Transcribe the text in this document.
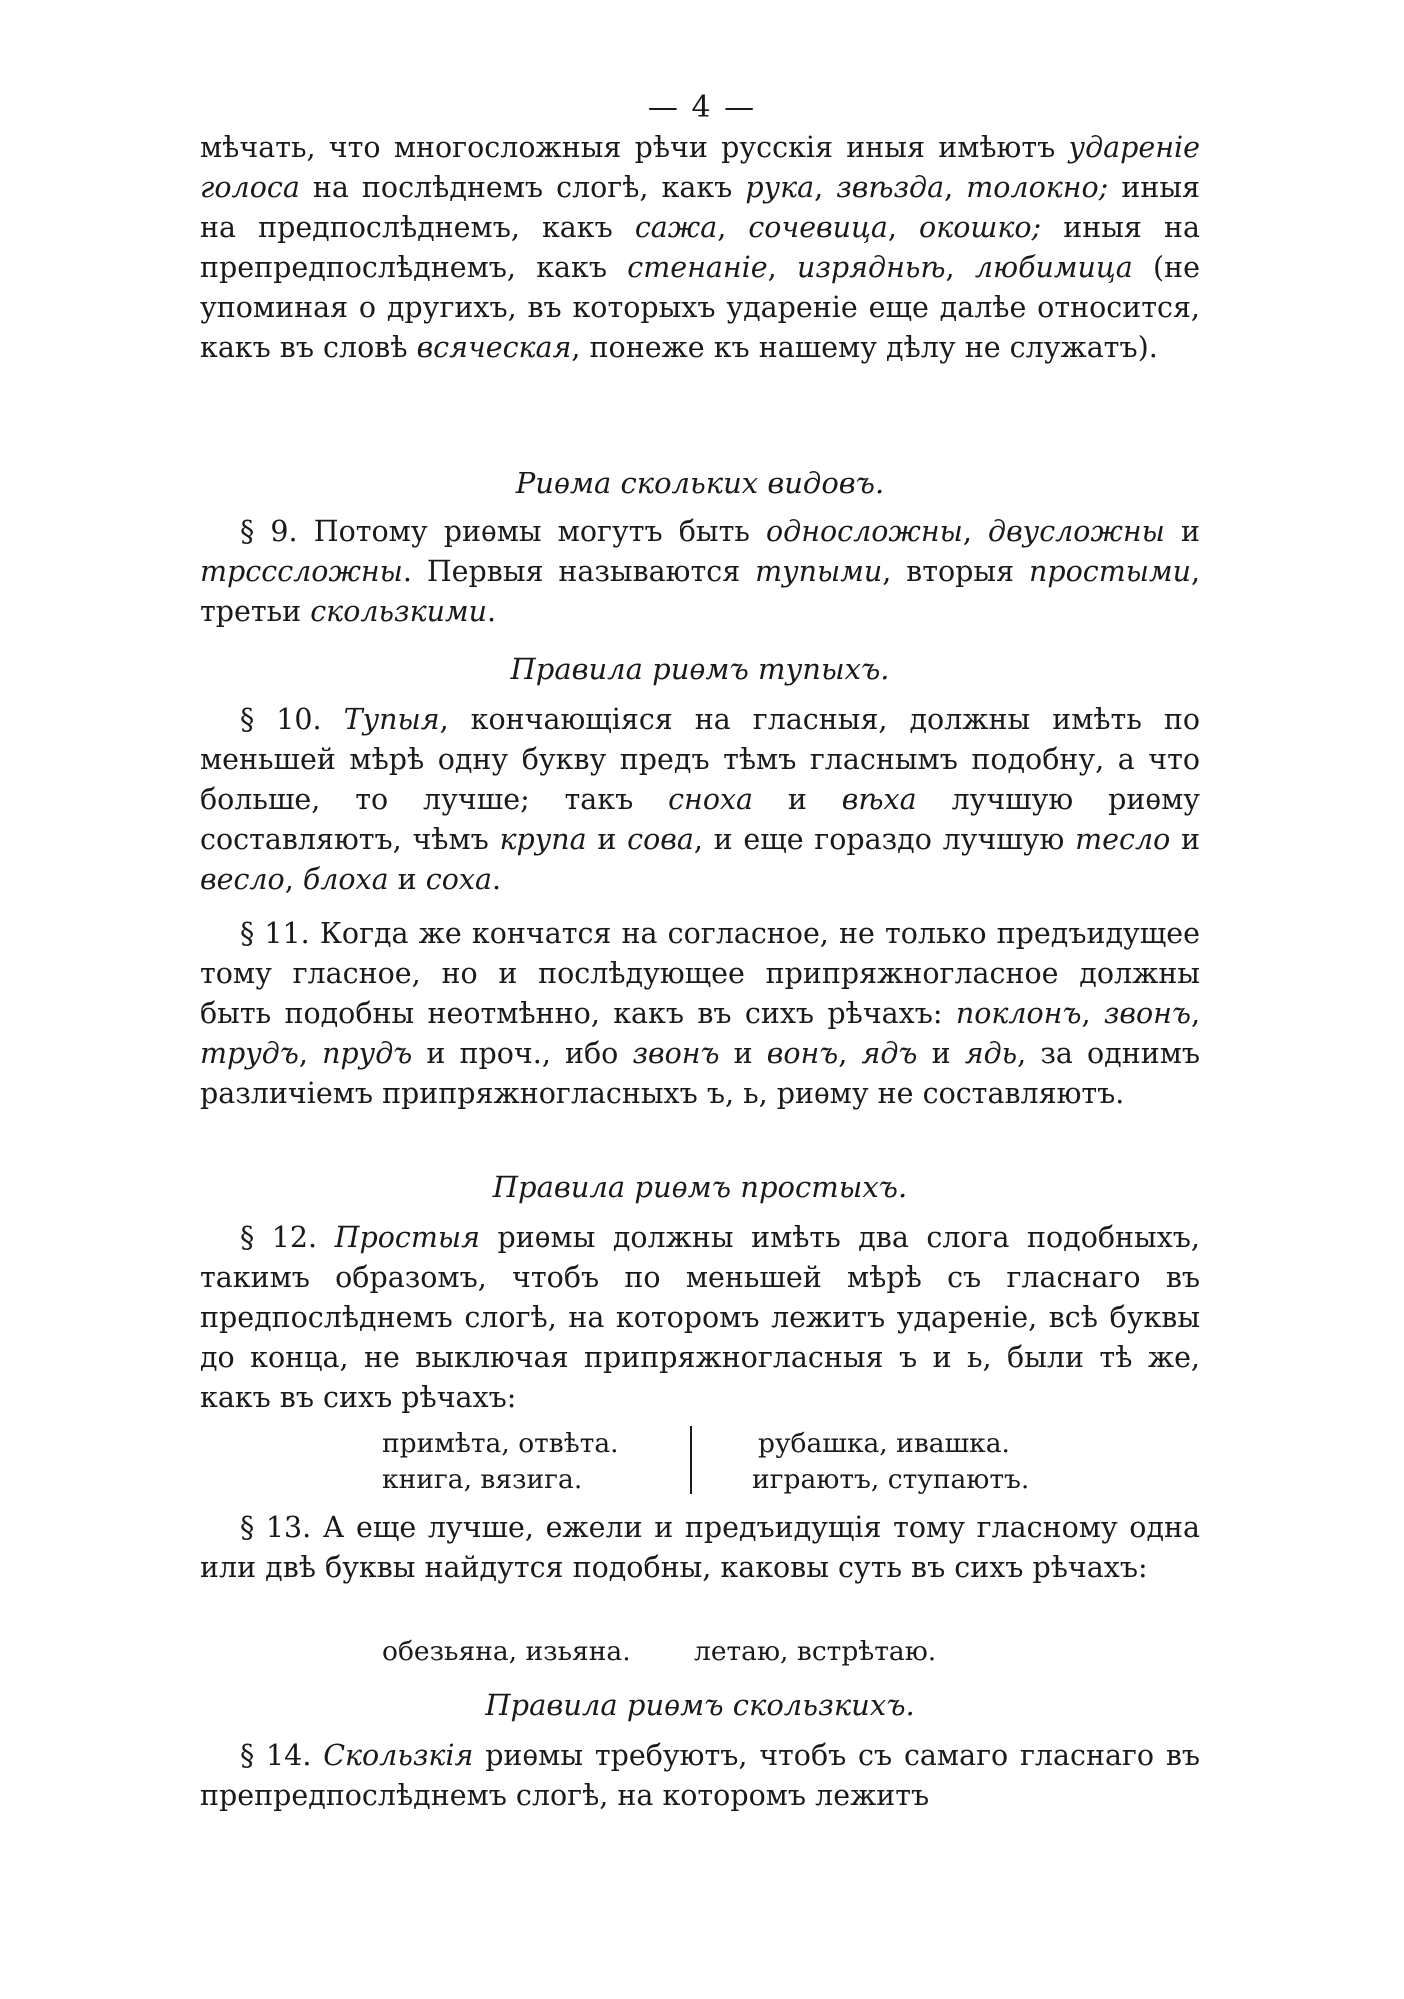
— 4 —

мѣчать, что многосложныя рѣчи русскія иныя имѣютъ удареніе голоса на послѣднемъ слогѣ, какъ рука, звѣзда, толокно; иныя на предпослѣднемъ, какъ сажа, сочевица, окошко; иныя на препредпослѣднемъ, какъ стенаніе, изрядньѣ, любимица (не упоминая о другихъ, въ которыхъ удареніе еще далѣе относится, какъ въ словѣ всяческая, понеже къ нашему дѣлу не служатъ).

Риѳма скольких видовъ.

§ 9. Потому риѳмы могутъ быть односложны, двусложны и трсссложны. Первыя называются тупыми, вторыя простыми, третьи скользкими.

Правила риѳмъ тупыхъ.

§ 10. Тупыя, кончающіяся на гласныя, должны имѣть по меньшей мѣрѣ одну букву предъ тѣмъ гласнымъ подобну, а что больше, то лучше; такъ сноха и вѣха лучшую риѳму составляютъ, чѣмъ крупа и сова, и еще гораздо лучшую тесло и весло, блоха и соха.

§ 11. Когда же кончатся на согласное, не только предъидущее тому гласное, но и послѣдующее припряжногласное должны быть подобны неотмѣнно, какъ въ сихъ рѣчахъ: поклонъ, звонъ, трудъ, прудъ и проч., ибо звонъ и вонъ, ядъ и ядь, за однимъ различіемъ припряжногласныхъ ъ, ь, риѳму не составляютъ.

Правила риѳмъ простыхъ.

§ 12. Простыя риѳмы должны имѣть два слога подобныхъ, такимъ образомъ, чтобъ по меньшей мѣрѣ съ гласнаго въ предпослѣднемъ слогѣ, на которомъ лежитъ удареніе, всѣ буквы до конца, не выключая припряжногласныя ъ и ь, были тѣ же, какъ въ сихъ рѣчахъ:

примѣта, отвѣта.
книга, вязига.
рубашка, ивашка.
играютъ, ступаютъ.

§ 13. А еще лучше, ежели и предъидущія тому гласному одна или двѣ буквы найдутся подобны, каковы суть въ сихъ рѣчахъ:

обезьяна, изьяна. летаю, встрѣтаю.
Правила риѳмъ скользкихъ.

§ 14. Скользкія риѳмы требуютъ, чтобъ съ самаго гласнаго въ препредпослѣднемъ слогѣ, на которомъ лежитъ
